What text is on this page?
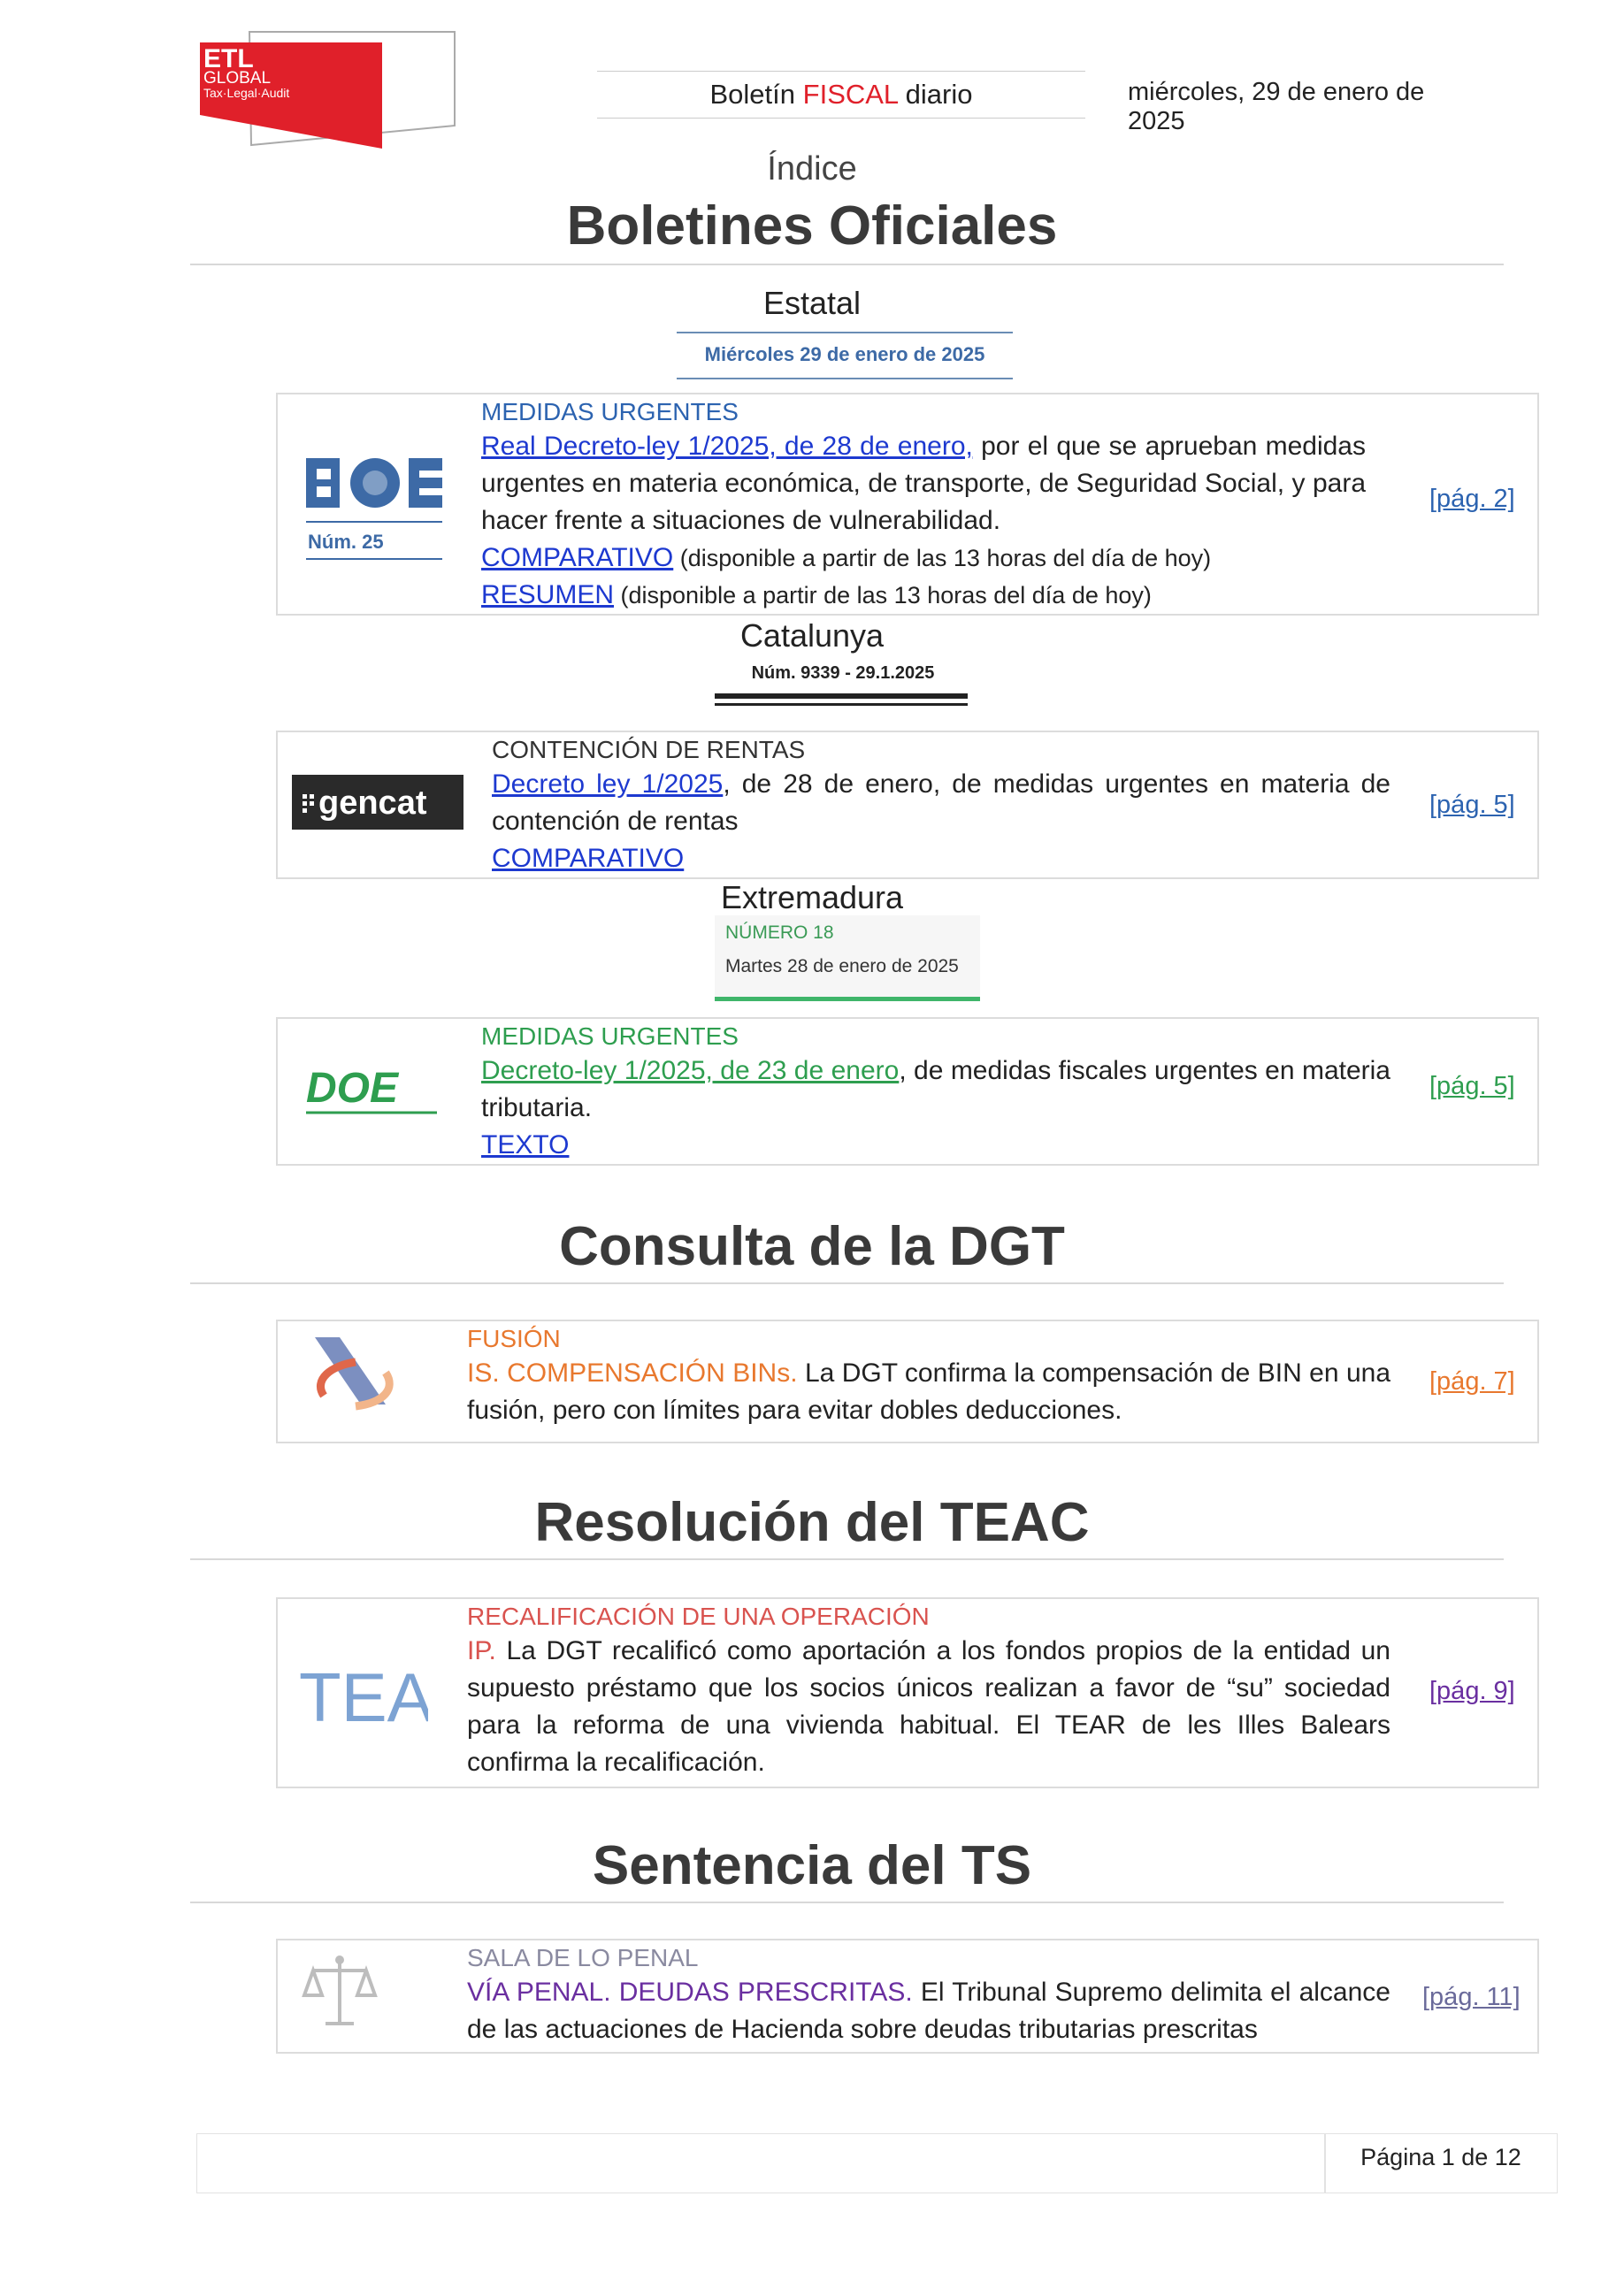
ETL
GLOBAL
Tax·Legal·Audit	Boletín FISCAL diario	miércoles, 29 de enero de 2025
Índice
Boletines Oficiales
Estatal
Miércoles 29 de enero de 2025
Núm. 25
MEDIDAS URGENTES
Real Decreto-ley 1/2025, de 28 de enero, por el que se aprueban medidas urgentes en materia económica, de transporte, de Seguridad Social, y para hacer frente a situaciones de vulnerabilidad.
COMPARATIVO (disponible a partir de las 13 horas del día de hoy)
RESUMEN (disponible a partir de las 13 horas del día de hoy)
[pág. 2]
Catalunya
Núm. 9339 - 29.1.2025
gencat
CONTENCIÓN DE RENTAS
Decreto ley 1/2025, de 28 de enero, de medidas urgentes en materia de contención de rentas
COMPARATIVO
[pág. 5]
Extremadura
NÚMERO 18
Martes 28 de enero de 2025
DOE
MEDIDAS URGENTES
Decreto-ley 1/2025, de 23 de enero, de medidas fiscales urgentes en materia tributaria.
TEXTO
[pág. 5]
Consulta de la DGT
FUSIÓN
IS. COMPENSACIÓN BINs. La DGT confirma la compensación de BIN en una fusión, pero con límites para evitar dobles deducciones.
[pág. 7]
Resolución del TEAC
TEA
RECALIFICACIÓN DE UNA OPERACIÓN
IP. La DGT recalificó como aportación a los fondos propios de la entidad un supuesto préstamo que los socios únicos realizan a favor de “su” sociedad para la reforma de una vivienda habitual. El TEAR de les Illes Balears confirma la recalificación.
[pág. 9]
Sentencia del TS
SALA DE LO PENAL
VÍA PENAL. DEUDAS PRESCRITAS. El Tribunal Supremo delimita el alcance de las actuaciones de Hacienda sobre deudas tributarias prescritas
[pág. 11]
Página 1 de 12
